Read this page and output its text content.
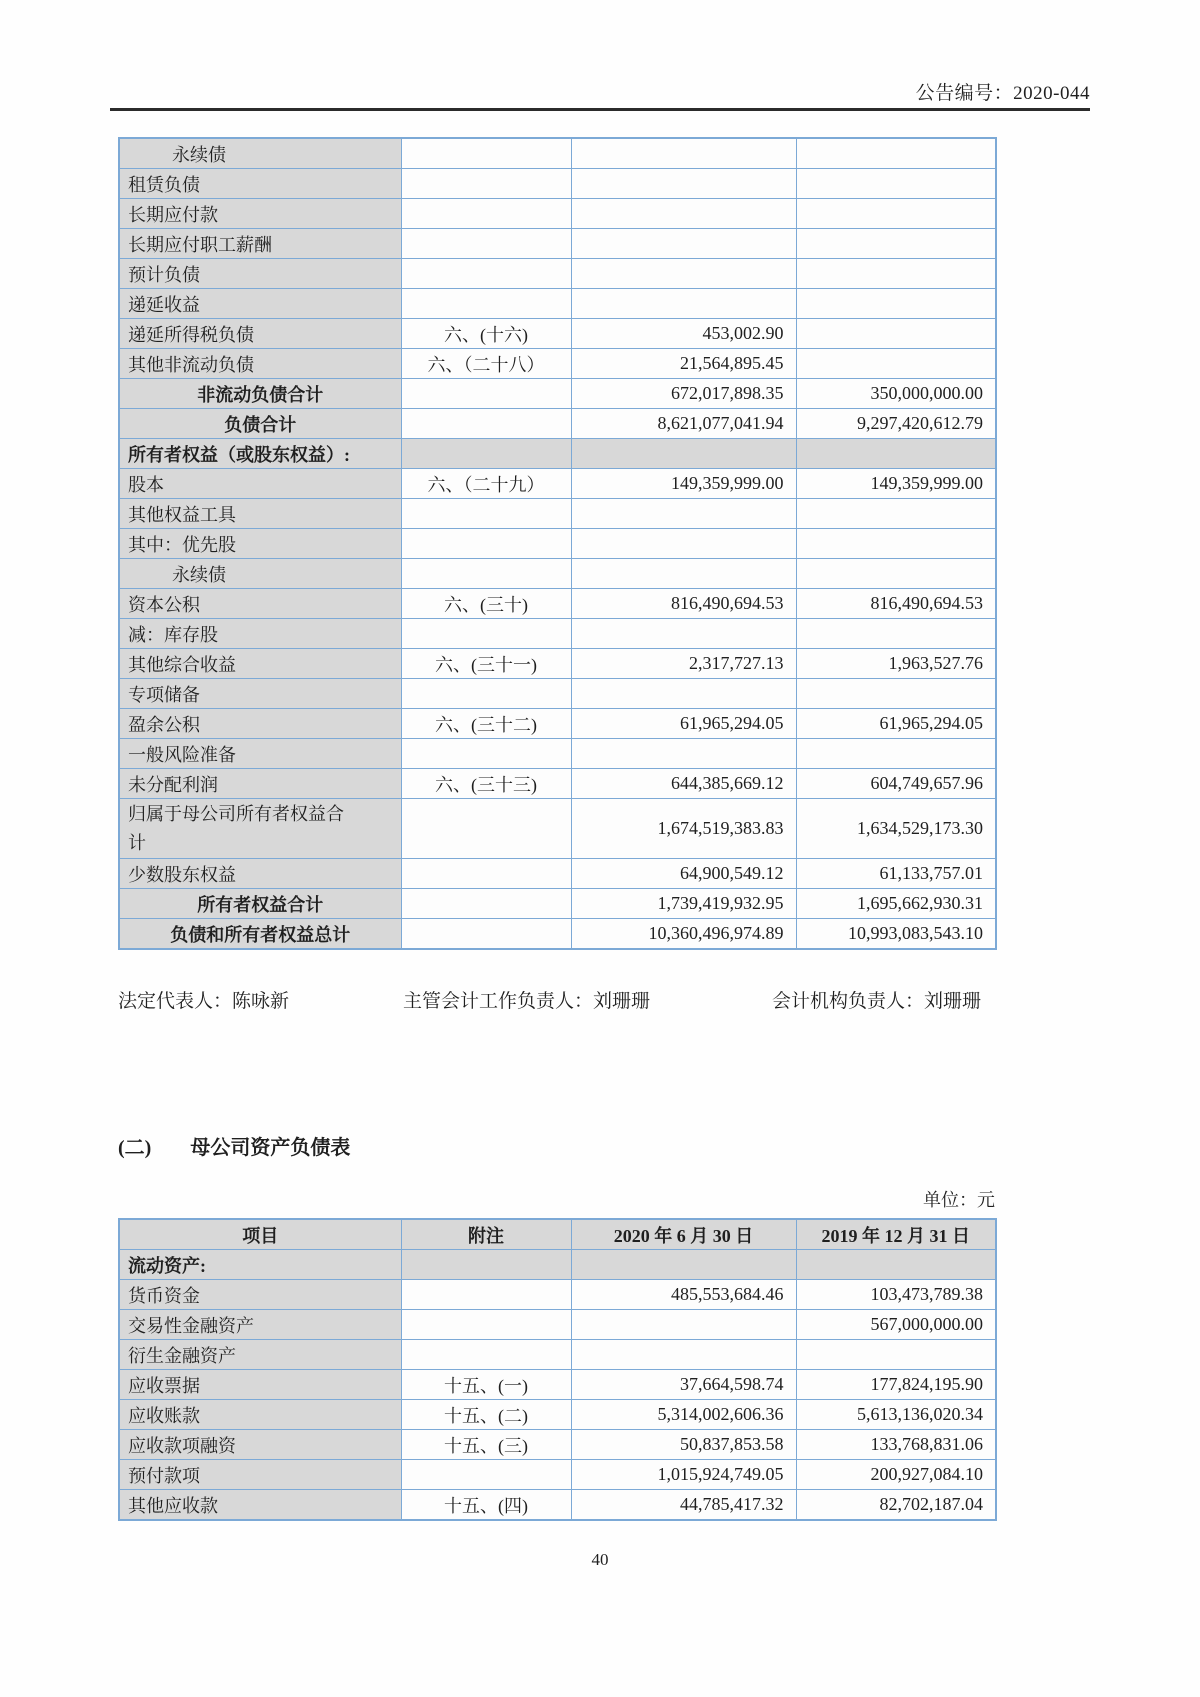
公告编号：2020-044
永续债			
租赁负债			
长期应付款			
长期应付职工薪酬			
预计负债			
递延收益			
递延所得税负债	六、(十六)	453,002.90	
其他非流动负债	六、（二十八）	21,564,895.45	
非流动负债合计		672,017,898.35	350,000,000.00
负债合计		8,621,077,041.94	9,297,420,612.79
所有者权益（或股东权益）:			
股本	六、（二十九）	149,359,999.00	149,359,999.00
其他权益工具			
其中：优先股			
永续债			
资本公积	六、(三十)	816,490,694.53	816,490,694.53
减：库存股			
其他综合收益	六、(三十一)	2,317,727.13	1,963,527.76
专项储备			
盈余公积	六、(三十二)	61,965,294.05	61,965,294.05
一般风险准备			
未分配利润	六、(三十三)	644,385,669.12	604,749,657.96

归属于母公司所有者权益合计		1,674,519,383.83	1,634,529,173.30
少数股东权益		64,900,549.12	61,133,757.01
所有者权益合计		1,739,419,932.95	1,695,662,930.31
负债和所有者权益总计		10,360,496,974.89	10,993,083,543.10
法定代表人：陈咏新	主管会计工作负责人：刘珊珊	会计机构负责人：刘珊珊
(二) 母公司资产负债表
单位：元
项目	附注	2020 年 6 月 30 日	2019 年 12 月 31 日
流动资产:			
货币资金		485,553,684.46	103,473,789.38
交易性金融资产			567,000,000.00
衍生金融资产			
应收票据	十五、(一)	37,664,598.74	177,824,195.90
应收账款	十五、(二)	5,314,002,606.36	5,613,136,020.34
应收款项融资	十五、(三)	50,837,853.58	133,768,831.06
预付款项		1,015,924,749.05	200,927,084.10
其他应收款	十五、(四)	44,785,417.32	82,702,187.04
40
